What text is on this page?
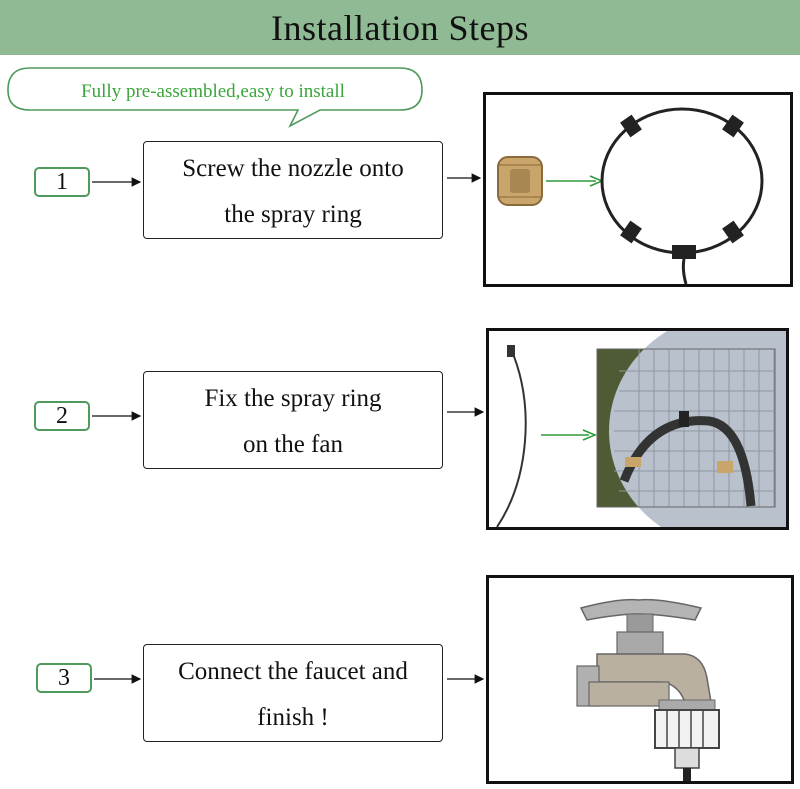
Installation Steps
Fully pre-assembled,easy to install
1	Screw the nozzle onto
the spray ring
2
Fix the spray ring
on the fan
3	Connect the faucet and
finish !
